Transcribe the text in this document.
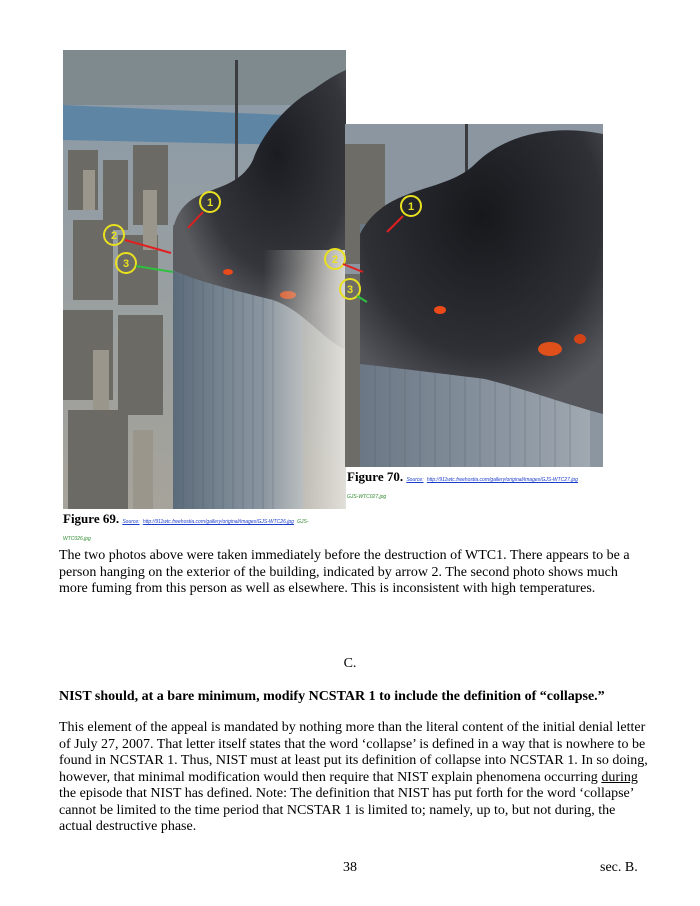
1
2
3
1
2
3
Figure 70. Source: http://911wtc.freehostia.com/gallery/original/images/GJS-WTC27.jpg
GJS-WTC027.jpg
Figure 69. Source: http://911wtc.freehostia.com/gallery/original/images/GJS-WTC26.jpg GJS-
WTC026.jpg
The two photos above were taken immediately before the destruction of WTC1. There appears to be a person hanging on the exterior of the building, indicated by arrow 2. The second photo shows much more fuming from this person as well as elsewhere. This is inconsistent with high temperatures.
C.
NIST should, at a bare minimum, modify NCSTAR 1 to include the definition of “collapse.”
This element of the appeal is mandated by nothing more than the literal content of the initial denial letter of July 27, 2007. That letter itself states that the word ‘collapse’ is defined in a way that is nowhere to be found in NCSTAR 1. Thus, NIST must at least put its definition of collapse into NCSTAR 1. In so doing, however, that minimal modification would then require that NIST explain phenomena occurring during the episode that NIST has defined. Note: The definition that NIST has put forth for the word ‘collapse’ cannot be limited to the time period that NCSTAR 1 is limited to; namely, up to, but not during, the actual destructive phase.
38	sec. B.
